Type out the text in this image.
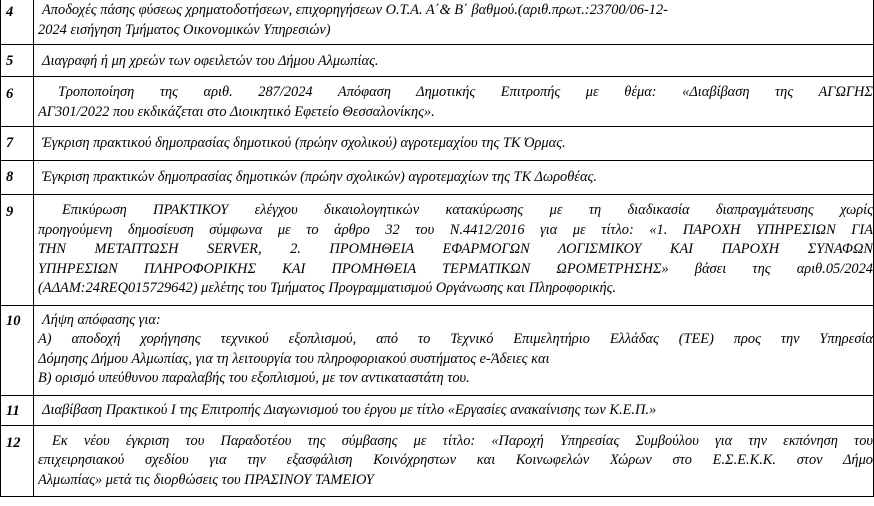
4	Αποδοχές πάσης φύσεως χρηματοδοτήσεων, επιχορηγήσεων Ο.Τ.Α. Α΄& Β΄ βαθμού.(αριθ.πρωτ.:23700/06-12-
2024 εισήγηση Τμήματος Οικονομικών Υπηρεσιών)

5	Διαγραφή ή μη χρεών των οφειλετών του Δήμου Αλμωπίας.

6	Τροποποίηση της αριθ. 287/2024 Απόφαση Δημοτικής Επιτροπής με θέμα: «Διαβίβαση της ΑΓΩΓΗΣ
ΑΓ301/2022 που εκδικάζεται στο Διοικητικό Εφετείο Θεσσαλονίκης».

7	Έγκριση πρακτικού δημοπρασίας δημοτικού (πρώην σχολικού) αγροτεμαχίου της ΤΚ Όρμας.

8	Έγκριση πρακτικών δημοπρασίας δημοτικών (πρώην σχολικών) αγροτεμαχίων της ΤΚ Δωροθέας.

9	Επικύρωση ΠΡΑΚΤΙΚΟΥ ελέγχου δικαιολογητικών κατακύρωσης με τη διαδικασία διαπραγμάτευσης χωρίς
προηγούμενη δημοσίευση σύμφωνα με το άρθρο 32 του Ν.4412/2016 για με τίτλο: «1. ΠΑΡΟΧΗ ΥΠΗΡΕΣΙΩΝ ΓΙΑ
ΤΗΝ ΜΕΤΑΠΤΩΣΗ SERVER, 2. ΠΡΟΜΗΘΕΙΑ ΕΦΑΡΜΟΓΩΝ ΛΟΓΙΣΜΙΚΟΥ ΚΑΙ ΠΑΡΟΧΗ ΣΥΝΑΦΩΝ
ΥΠΗΡΕΣΙΩΝ ΠΛΗΡΟΦΟΡΙΚΗΣ ΚΑΙ ΠΡΟΜΗΘΕΙΑ ΤΕΡΜΑΤΙΚΩΝ ΩΡΟΜΕΤΡΗΣΗΣ» βάσει της αριθ.05/2024
(ΑΔΑΜ:24REQ015729642) μελέτης του Τμήματος Προγραμματισμού Οργάνωσης και Πληροφορικής.

10	Λήψη απόφασης για:
Α) αποδοχή χορήγησης τεχνικού εξοπλισμού, από το Τεχνικό Επιμελητήριο Ελλάδας (ΤΕΕ) προς την Υπηρεσία
Δόμησης Δήμου Αλμωπίας, για τη λειτουργία του πληροφοριακού συστήματος e-Άδειες και
Β) ορισμό υπεύθυνου παραλαβής του εξοπλισμού, με τον αντικαταστάτη του.

11	Διαβίβαση Πρακτικού Ι της Επιτροπής Διαγωνισμού του έργου με τίτλο «Εργασίες ανακαίνισης των Κ.Ε.Π.»

12	Εκ νέου έγκριση του Παραδοτέου της σύμβασης με τίτλο: «Παροχή Υπηρεσίας Συμβούλου για την εκπόνηση του
επιχειρησιακού σχεδίου για την εξασφάλιση Κοινόχρηστων και Κοινωφελών Χώρων στο Ε.Σ.Ε.Κ.Κ. στον Δήμο
Αλμωπίας» μετά τις διορθώσεις του ΠΡΑΣΙΝΟΥ ΤΑΜΕΙΟΥ
